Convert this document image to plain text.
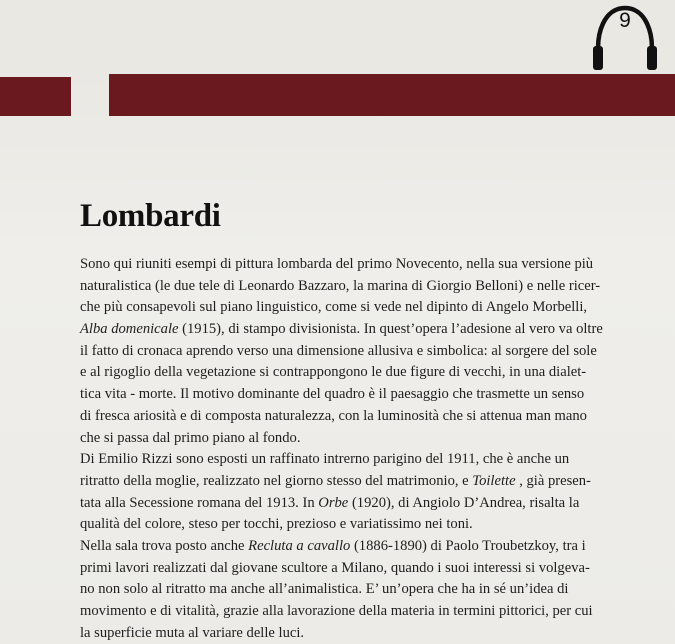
9
Lombardi
Sono qui riuniti esempi di pittura lombarda del primo Novecento, nella sua versione più
naturalistica (le due tele di Leonardo Bazzaro, la marina di Giorgio Belloni) e nelle ricer-
che più consapevoli sul piano linguistico, come si vede nel dipinto di Angelo Morbelli,
Alba domenicale (1915), di stampo divisionista. In quest’opera l’adesione al vero va oltre
il fatto di cronaca aprendo verso una dimensione allusiva e simbolica: al sorgere del sole
e al rigoglio della vegetazione si contrappongono le due figure di vecchi, in una dialet-
tica vita - morte. Il motivo dominante del quadro è il paesaggio che trasmette un senso
di fresca ariosità e di composta naturalezza, con la luminosità che si attenua man mano
che si passa dal primo piano al fondo.
Di Emilio Rizzi sono esposti un raffinato intrerno parigino del 1911, che è anche un
ritratto della moglie, realizzato nel giorno stesso del matrimonio, e Toilette , già presen-
tata alla Secessione romana del 1913. In Orbe (1920), di Angiolo D’Andrea, risalta la
qualità del colore, steso per tocchi, prezioso e variatissimo nei toni.
Nella sala trova posto anche Recluta a cavallo (1886-1890) di Paolo Troubetzkoy, tra i
primi lavori realizzati dal giovane scultore a Milano, quando i suoi interessi si volgeva-
no non solo al ritratto ma anche all’animalistica. E’ un’opera che ha in sé un’idea di
movimento e di vitalità, grazie alla lavorazione della materia in termini pittorici, per cui
la superficie muta al variare delle luci.
